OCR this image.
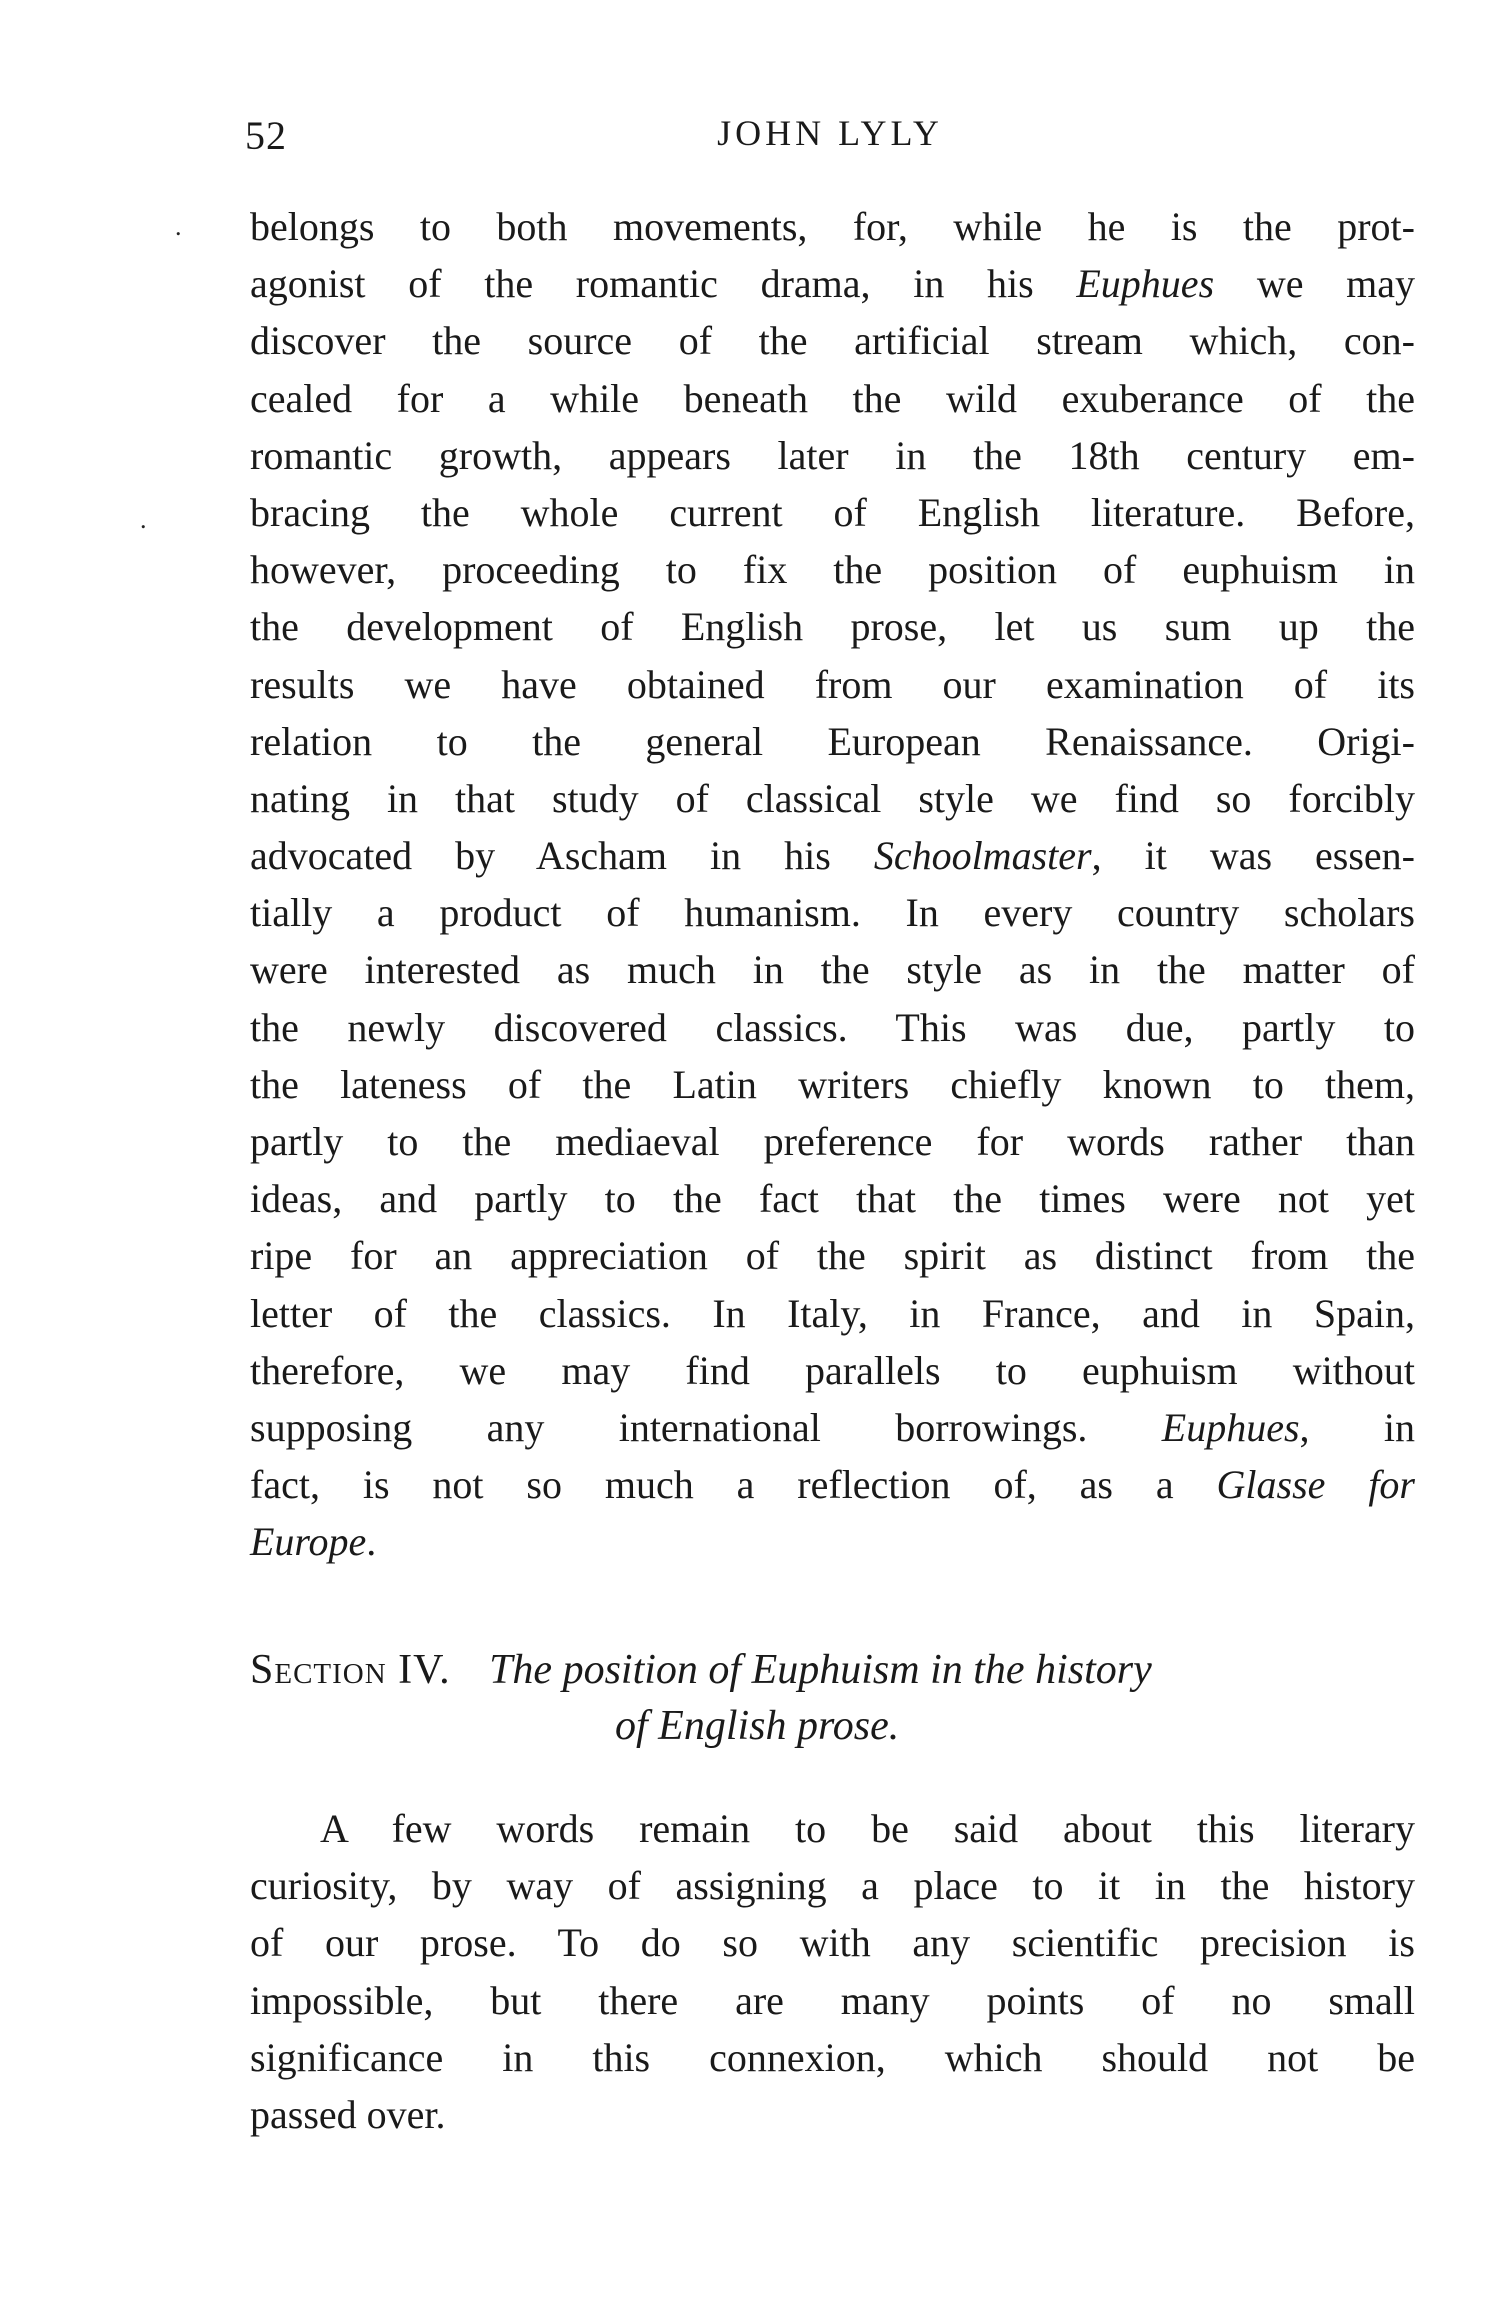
52	JOHN LYLY
.
.
belongs to both movements, for, while he is the prot-
agonist of the romantic drama, in his Euphues we may
discover the source of the artificial stream which, con-
cealed for a while beneath the wild exuberance of the
romantic growth, appears later in the 18th century em-
bracing the whole current of English literature. Before,
however, proceeding to fix the position of euphuism in
the development of English prose, let us sum up the
results we have obtained from our examination of its
relation to the general European Renaissance. Origi-
nating in that study of classical style we find so forcibly
advocated by Ascham in his Schoolmaster, it was essen-
tially a product of humanism. In every country scholars
were interested as much in the style as in the matter of
the newly discovered classics. This was due, partly to
the lateness of the Latin writers chiefly known to them,
partly to the mediaeval preference for words rather than
ideas, and partly to the fact that the times were not yet
ripe for an appreciation of the spirit as distinct from the
letter of the classics. In Italy, in France, and in Spain,
therefore, we may find parallels to euphuism without
supposing any international borrowings. Euphues, in
fact, is not so much a reflection of, as a Glasse for
Europe.
Section IV. The position of Euphuism in the history
of English prose.
A few words remain to be said about this literary
curiosity, by way of assigning a place to it in the history
of our prose. To do so with any scientific precision is
impossible, but there are many points of no small
significance in this connexion, which should not be
passed over.
